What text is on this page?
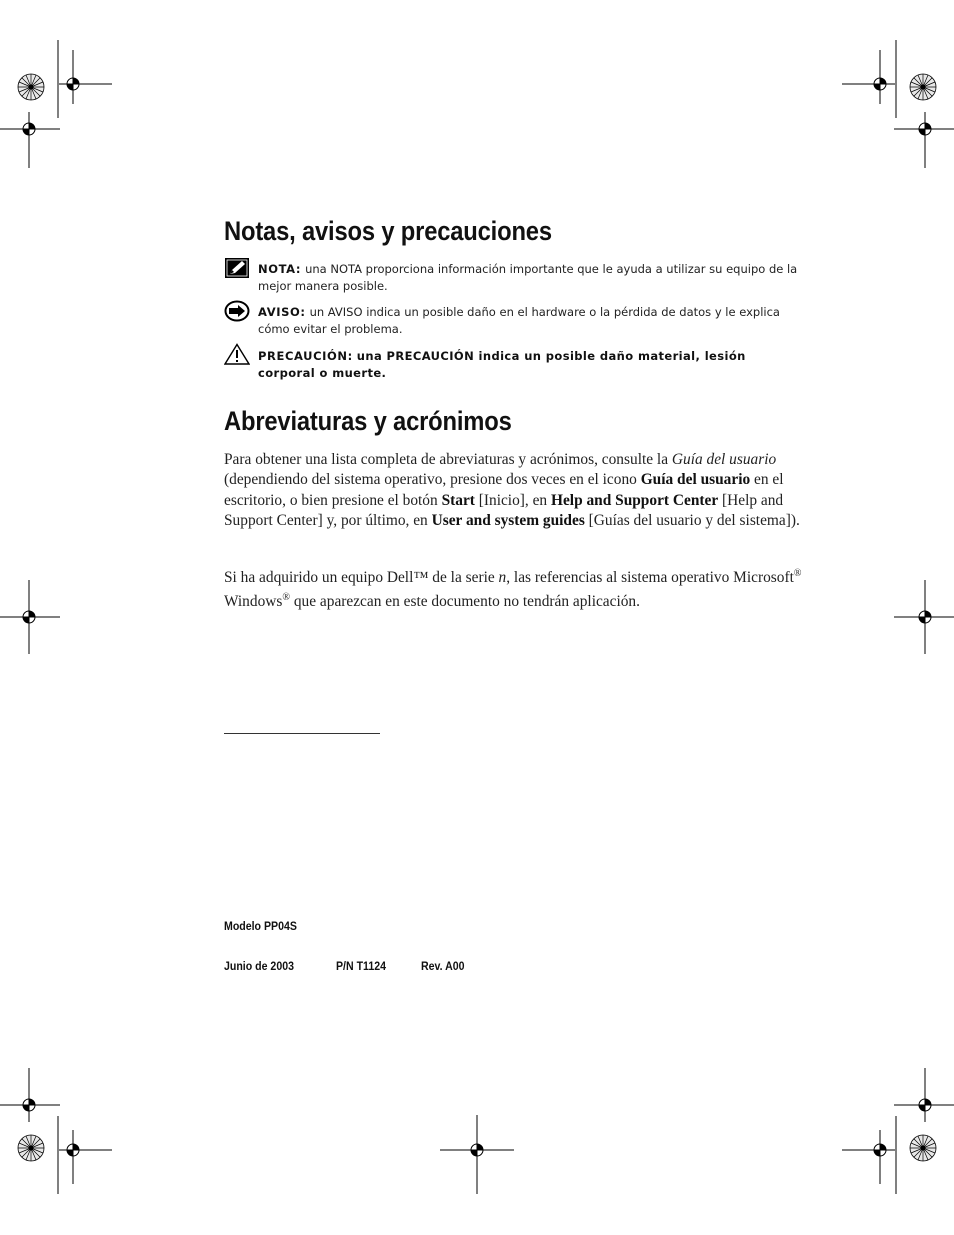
Notas, avisos y precauciones
NOTA: una NOTA proporciona información importante que le ayuda a utilizar su equipo de la mejor manera posible.
AVISO: un AVISO indica un posible daño en el hardware o la pérdida de datos y le explica cómo evitar el problema.
PRECAUCIÓN: una PRECAUCIÓN indica un posible daño material, lesión corporal o muerte.
Abreviaturas y acrónimos
Para obtener una lista completa de abreviaturas y acrónimos, consulte la Guía del usuario (dependiendo del sistema operativo, presione dos veces en el icono Guía del usuario en el escritorio, o bien presione el botón Start [Inicio], en Help and Support Center [Help and Support Center] y, por último, en User and system guides [Guías del usuario y del sistema]).
Si ha adquirido un equipo Dell™ de la serie n, las referencias al sistema operativo Microsoft® Windows® que aparezcan en este documento no tendrán aplicación.
Modelo PP04S
Junio de 2003	P/N T1124	Rev. A00
